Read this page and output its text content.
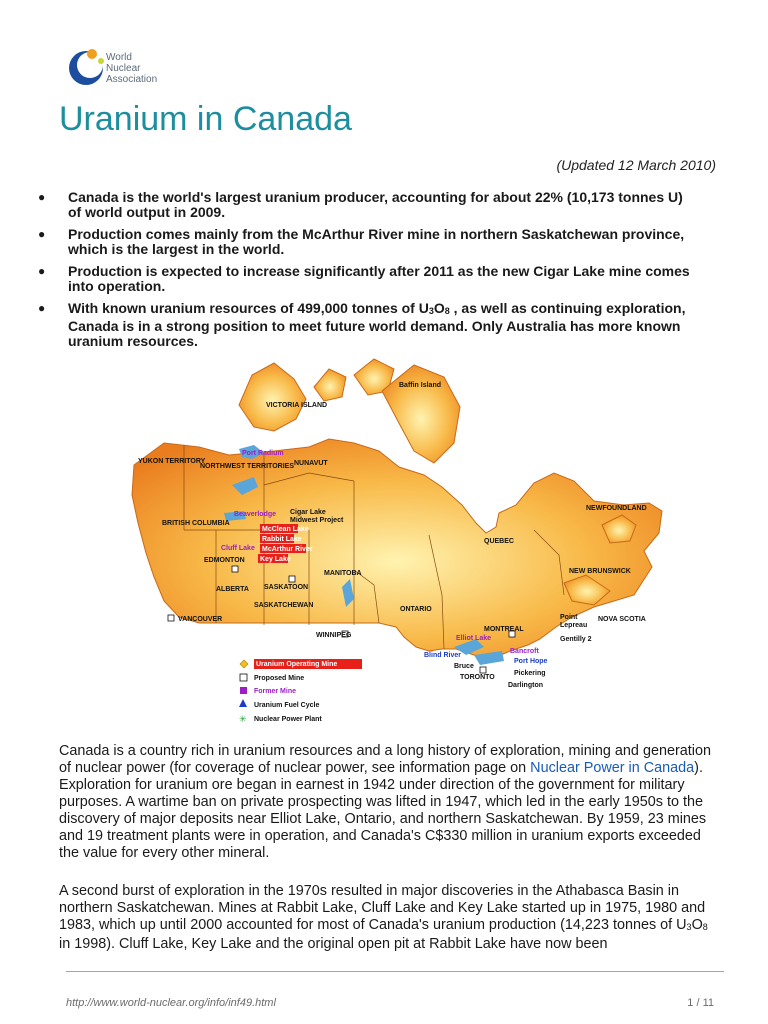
World
Nuclear
Association
Uranium in Canada
(Updated 12 March 2010)
● Canada is the world's largest uranium producer, accounting for about 22% (10,173 tonnes U) of world output in 2009.
● Production comes mainly from the McArthur River mine in northern Saskatchewan province, which is the largest in the world.
● Production is expected to increase significantly after 2011 as the new Cigar Lake mine comes into operation.
● With known uranium resources of 499,000 tonnes of $U_3O_8$ , as well as continuing exploration, Canada is in a strong position to meet future world demand. Only Australia has more known uranium resources.
Baffin Island
VICTORIA ISLAND
YUKON TERRITORY
NORTHWEST TERRITORIES NUNAVUT
BRITISH COLUMBIA
ALBERTA
SASKATCHEWAN
MANITOBA
ONTARIO
QUEBEC
NEWFOUNDLAND
NEW BRUNSWICK
NOVA SCOTIA
VANCOUVER
EDMONTON
SASKATOON
WINNIPEG
MONTREAL
TORONTO
Port Radium
Beaverlodge Cigar Lake
Midwest Project
McClean Lake
Rabbit Lake
McArthur River
Cluff Lake
Key Lake
Elliot Lake
Blind River
Bruce
Bancroft
Port Hope
Pickering
Darlington
Gentilly 2
Point
Lepreau
Uranium Operating Mine
Proposed Mine
Former Mine
Uranium Fuel Cycle
✳ Nuclear Power Plant

Canada is a country rich in uranium resources and a long history of exploration, mining and generation of nuclear power (for coverage of nuclear power, see information page on Nuclear Power in Canada). Exploration for uranium ore began in earnest in 1942 under direction of the government for military purposes. A wartime ban on private prospecting was lifted in 1947, which led in the early 1950s to the discovery of major deposits near Elliot Lake, Ontario, and northern Saskatchewan. By 1959, 23 mines and 19 treatment plants were in operation, and Canada's C$330 million in uranium exports exceeded the value for every other mineral.

A second burst of exploration in the 1970s resulted in major discoveries in the Athabasca Basin in northern Saskatchewan. Mines at Rabbit Lake, Cluff Lake and Key Lake started up in 1975, 1980 and 1983, which up until 2000 accounted for most of Canada's uranium production (14,223 tonnes of $U_3O_8$ in 1998). Cluff Lake, Key Lake and the original open pit at Rabbit Lake have now been

http://www.world-nuclear.org/info/inf49.html	1 / 11
